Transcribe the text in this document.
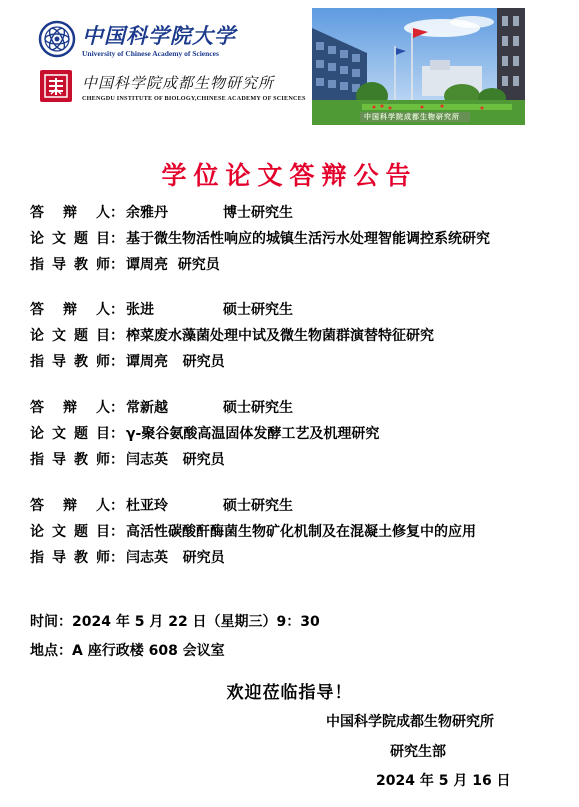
中国科学院大学
University of Chinese Academy of Sciences
中国科学院成都生物研究所
CHENGDU INSTITUTE OF BIOLOGY,CHINESE ACADEMY OF SCIENCES
中国科学院成都生物研究所
学位论文答辩公告
答辩人 ： 余雅丹	博士研究生
论文题目 ： 基于微生物活性响应的城镇生活污水处理智能调控系统研究
指导教师 ： 谭周亮  研究员
答辩人 ： 张进	硕士研究生
论文题目 ： 榨菜废水藻菌处理中试及微生物菌群演替特征研究
指导教师 ： 谭周亮   研究员
答辩人 ： 常新越	硕士研究生
论文题目 ： γ-聚谷氨酸高温固体发酵工艺及机理研究
指导教师 ： 闫志英   研究员
答辩人 ： 杜亚玲	硕士研究生
论文题目 ： 高活性碳酸酐酶菌生物矿化机制及在混凝土修复中的应用
指导教师 ： 闫志英   研究员
时间：2024 年 5 月 22 日（星期三）9：30
地点：A 座行政楼 608 会议室
欢迎莅临指导！
中国科学院成都生物研究所
研究生部
2024 年 5 月 16 日
